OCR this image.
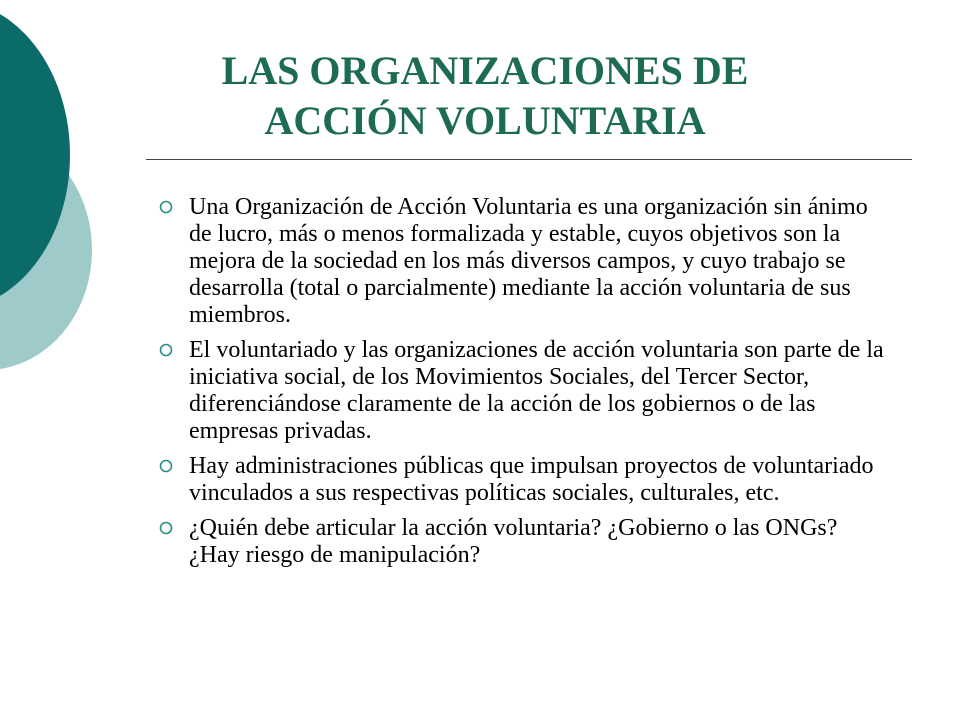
LAS ORGANIZACIONES DE ACCIÓN VOLUNTARIA
Una Organización de Acción Voluntaria es una organización sin ánimo de lucro, más o menos formalizada y estable, cuyos objetivos son la mejora de la sociedad en los más diversos campos, y cuyo trabajo se desarrolla (total o parcialmente) mediante la acción voluntaria de sus miembros.
El voluntariado y las organizaciones de acción voluntaria son parte de la iniciativa social, de los Movimientos Sociales, del Tercer Sector, diferenciándose claramente de la acción de los gobiernos o de las empresas privadas.
Hay administraciones públicas que impulsan proyectos de voluntariado vinculados a sus respectivas políticas sociales, culturales, etc.
¿Quién debe articular la acción voluntaria? ¿Gobierno o las ONGs? ¿Hay riesgo de manipulación?
